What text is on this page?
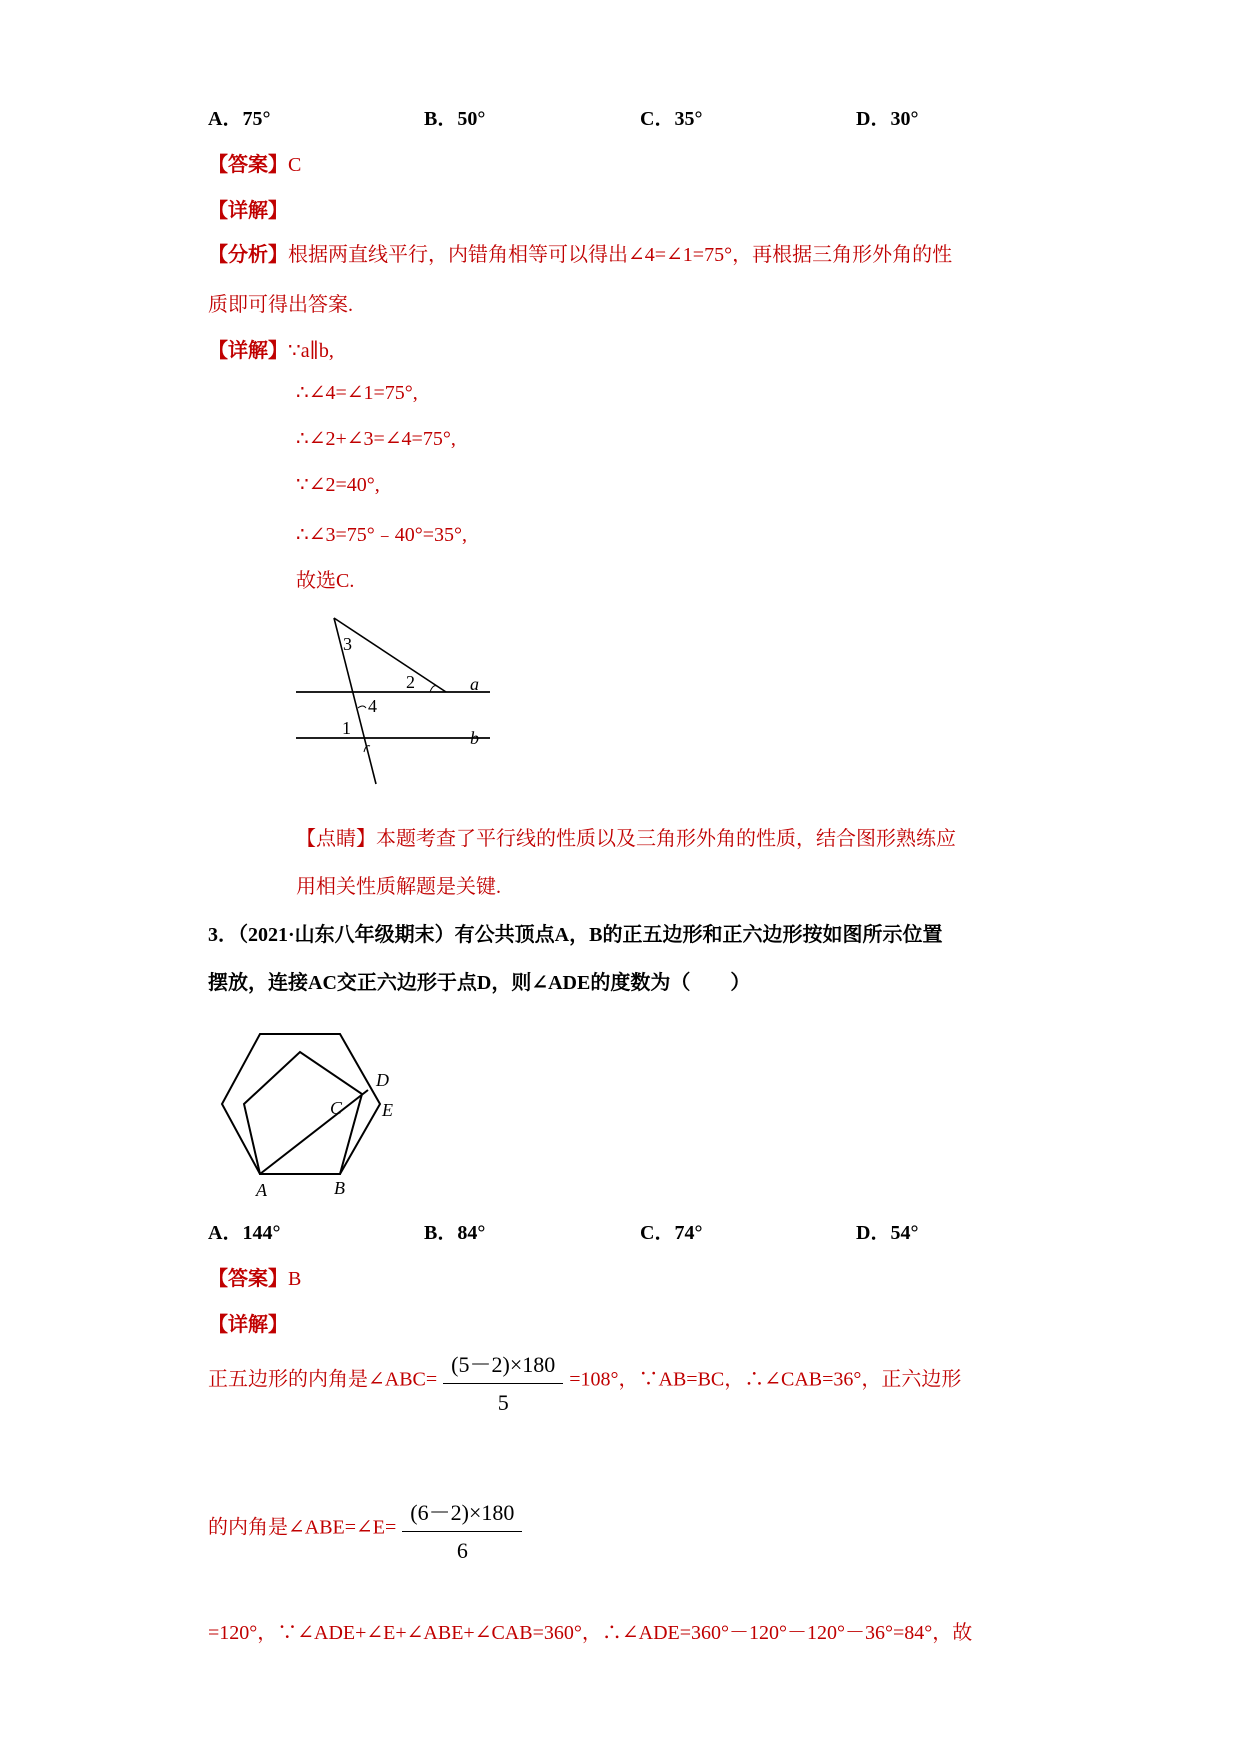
A．75°	B．50°	C．35°	D．30°
【答案】C
【详解】
【分析】根据两直线平行，内错角相等可以得出∠4=∠1=75°，再根据三角形外角的性
质即可得出答案.
【详解】∵a∥b,
∴∠4=∠1=75°,
∴∠2+∠3=∠4=75°,
∵∠2=40°,
∴∠3=75°﹣40°=35°,
故选C.
3
2	a
4
1	b
【点睛】本题考查了平行线的性质以及三角形外角的性质，结合图形熟练应
用相关性质解题是关键.
3．（2021·山东八年级期末）有公共顶点A，B的正五边形和正六边形按如图所示位置
摆放，连接AC交正六边形于点D，则∠ADE的度数为（　　）
D
C E
A	B
A．144°	B．84°	C．74°	D．54°
【答案】B
【详解】
正五边形的内角是∠ABC= $\frac{(5-2)\times 180}{5} =108^\circ$，∵AB=BC，∴∠CAB=36°，正六边形
的内角是∠ABE=∠E= $\frac{(6-2)\times 180}{6}$
=120°，∵∠ADE+∠E+∠ABE+∠CAB=360°，∴∠ADE=360°－120°－120°－36°=84°，故
